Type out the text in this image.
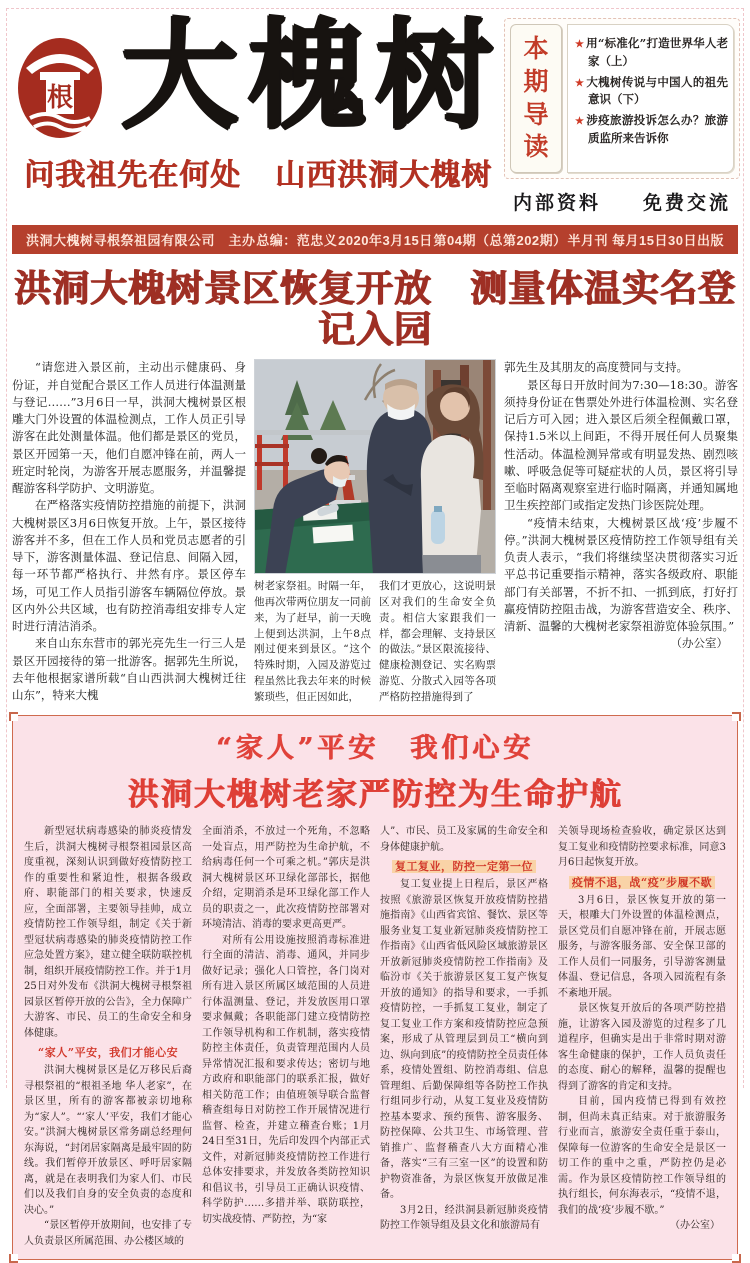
根 大 槐 树
问我祖先在何处 山西洪洞大槐树
本
期
导
读
★ 用“标准化”打造世界华人老家（上）
★ 大槐树传说与中国人的祖先意识（下）
★ 涉疫旅游投诉怎么办？旅游质监所来告诉你
内部资料 免费交流
洪洞大槐树寻根祭祖园有限公司　主办 总编：范忠义 2020年3月15日 第04期（总第202期） 半月刊 每月15日30日出版
洪洞大槐树景区恢复开放　测量体温实名登记入园

“请您进入景区前，主动出示健康码、身份证，并自觉配合景区工作人员进行体温测量与登记……”3月6日一早，洪洞大槐树景区根雕大门外设置的体温检测点，工作人员正引导游客在此处测量体温。他们都是景区的党员，景区开园第一天，他们自愿冲锋在前，两人一班定时轮岗，为游客开展志愿服务，并温馨提醒游客科学防护、文明游览。

在严格落实疫情防控措施的前提下，洪洞大槐树景区3月6日恢复开放。上午，景区接待游客并不多，但在工作人员和党员志愿者的引导下，游客测量体温、登记信息、间隔入园，每一环节都严格执行、井然有序。景区停车场，可见工作人员指引游客车辆隔位停放。景区内外公共区域，也有防控消毒组安排专人定时进行清洁消杀。

来自山东东营市的郭光亮先生一行三人是景区开园接待的第一批游客。据郭先生所说，去年他根据家谱所载“自山西洪洞大槐树迁往山东”，特来大槐

树老家祭祖。时隔一年，他再次带两位朋友一同前来，为了赶早，前一天晚上便到达洪洞，上午8点刚过便来到景区。“这个特殊时期，入园及游览过程虽然比我去年来的时候繁琐些，但正因如此，

我们才更放心，这说明景区对我们的生命安全负责。相信大家跟我们一样，都会理解、支持景区的做法。”景区限流接待、健康检测登记、实名购票游览、分散式入园等各项严格防控措施得到了

郭先生及其朋友的高度赞同与支持。

景区每日开放时间为7:30—18:30。游客须持身份证在售票处外进行体温检测、实名登记后方可入园；进入景区后须全程佩戴口罩，保持1.5米以上间距，不得开展任何人员聚集性活动。体温检测异常或有明显发热、剧烈咳嗽、呼吸急促等可疑症状的人员，景区将引导至临时隔离观察室进行临时隔离，并通知属地卫生疾控部门或指定发热门诊医院处理。

“疫情未结束，大槐树景区战‘疫’步履不停。”洪洞大槐树景区疫情防控工作领导组有关负责人表示，“我们将继续坚决贯彻落实习近平总书记重要指示精神，落实各级政府、职能部门有关部署，不折不扣、一抓到底，打好打赢疫情防控阻击战，为游客营造安全、秩序、清新、温馨的大槐树老家祭祖游览体验氛围。”

（办公室）

“家人”平安　我们心安
洪洞大槐树老家严防控为生命护航

新型冠状病毒感染的肺炎疫情发生后，洪洞大槐树寻根祭祖园景区高度重视，深刻认识到做好疫情防控工作的重要性和紧迫性，根据各级政府、职能部门的相关要求，快速反应，全面部署，主要领导挂帅，成立疫情防控工作领导组，制定《关于新型冠状病毒感染的肺炎疫情防控工作应急处置方案》，建立健全联防联控机制，组织开展疫情防控工作。并于1月25日对外发布《洪洞大槐树寻根祭祖园景区暂停开放的公告》，全力保障广大游客、市民、员工的生命安全和身体健康。

“家人”平安，我们才能心安

洪洞大槐树景区是亿万移民后裔寻根祭祖的“根祖圣地 华人老家”，在景区里，所有的游客都被亲切地称为“家人”。“‘家人’平安，我们才能心安。”洪洞大槐树景区常务副总经理何东海说，“封闭居家隔离是最牢固的防线。我们暂停开放景区、呼吁居家隔离，就是在表明我们为家人们、市民们以及我们自身的安全负责的态度和决心。”

“景区暂停开放期间，也安排了专人负责景区所属范围、办公楼区域的

全面消杀，不放过一个死角，不忽略一处盲点，用严防控为生命护航，不给病毒任何一个可乘之机。”郭庆是洪洞大槐树景区环卫绿化部部长，据他介绍，定期消杀是环卫绿化部工作人员的职责之一，此次疫情防控部署对环境清洁、消毒的要求更高更严。

对所有公用设施按照消毒标准进行全面的清洁、消毒、通风，并同步做好记录；强化人口管控，各门岗对所有进入景区所属区域范围的人员进行体温测量、登记，并发放医用口罩要求佩戴；各职能部门建立疫情防控工作领导机构和工作机制，落实疫情防控主体责任，负责管理范围内人员异常情况汇报和要求传达；密切与地方政府和职能部门的联系汇报，做好相关防范工作；由值班领导联合监督稽查组每日对防控工作开展情况进行监督、检查，并建立稽查台账；1月24日至31日，先后印发四个内部正式文件，对新冠肺炎疫情防控工作进行总体安排要求，并发放各类防控知识和倡议书，引导员工正确认识疫情、科学防护……多措并举、联防联控，切实战疫情、严防控，为“家

人”、市民、员工及家属的生命安全和身体健康护航。

复工复业，防控一定第一位

复工复业提上日程后，景区严格按照《旅游景区恢复开放疫情防控措施指南》《山西省宾馆、餐饮、景区等服务业复工复业新冠肺炎疫情防控工作指南》《山西省低风险区域旅游景区开放新冠肺炎疫情防控工作指南》及临汾市《关于旅游景区复工复产恢复开放的通知》的指导和要求，一手抓疫情防控，一手抓复工复业，制定了复工复业工作方案和疫情防控应急预案，形成了从管理层到员工“横向到边、纵向到底”的疫情防控全员责任体系，疫情处置组、防控消毒组、信息管理组、后勤保障组等各防控工作执行组同步行动，从复工复业及疫情防控基本要求、预约预售、游客服务、防控保障、公共卫生、市场管理、营销推广、监督稽查八大方面精心准备，落实“三有三室一区”的设置和防护物资准备，为景区恢复开放做足准备。

3月2日，经洪洞县新冠肺炎疫情防控工作领导组及县文化和旅游局有

关领导现场检查验收，确定景区达到复工复业和疫情防控要求标准，同意3月6日起恢复开放。

疫情不退，战“疫”步履不歇

3月6日，景区恢复开放的第一天，根雕大门外设置的体温检测点，景区党员们自愿冲锋在前，开展志愿服务，与游客服务部、安全保卫部的工作人员们一同服务，引导游客测量体温、登记信息，各项入园流程有条不紊地开展。

景区恢复开放后的各项严防控措施，让游客入园及游览的过程多了几道程序，但确实是出于非常时期对游客生命健康的保护，工作人员负责任的态度、耐心的解释，温馨的提醒也得到了游客的肯定和支持。

目前，国内疫情已得到有效控制，但尚未真正结束。对于旅游服务行业而言，旅游安全责任重于泰山，保障每一位游客的生命安全是景区一切工作的重中之重，严防控仍是必需。作为景区疫情防控工作领导组的执行组长，何东海表示，“疫情不退，我们的战‘疫’步履不歇。”

（办公室）
